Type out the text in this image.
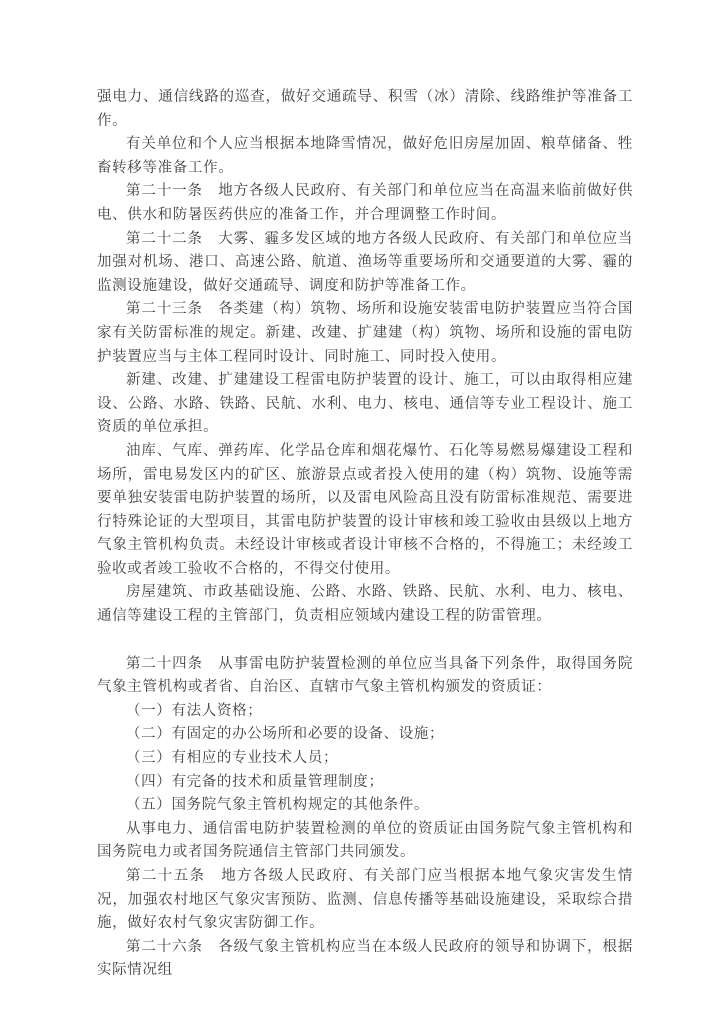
强电力、通信线路的巡查，做好交通疏导、积雪（冰）清除、线路维护等准备工作。

有关单位和个人应当根据本地降雪情况，做好危旧房屋加固、粮草储备、牲畜转移等准备工作。

第二十一条　地方各级人民政府、有关部门和单位应当在高温来临前做好供电、供水和防暑医药供应的准备工作，并合理调整工作时间。

第二十二条　大雾、霾多发区域的地方各级人民政府、有关部门和单位应当加强对机场、港口、高速公路、航道、渔场等重要场所和交通要道的大雾、霾的监测设施建设，做好交通疏导、调度和防护等准备工作。

第二十三条　各类建（构）筑物、场所和设施安装雷电防护装置应当符合国家有关防雷标准的规定。新建、改建、扩建建（构）筑物、场所和设施的雷电防护装置应当与主体工程同时设计、同时施工、同时投入使用。

新建、改建、扩建建设工程雷电防护装置的设计、施工，可以由取得相应建设、公路、水路、铁路、民航、水利、电力、核电、通信等专业工程设计、施工资质的单位承担。

油库、气库、弹药库、化学品仓库和烟花爆竹、石化等易燃易爆建设工程和场所，雷电易发区内的矿区、旅游景点或者投入使用的建（构）筑物、设施等需要单独安装雷电防护装置的场所，以及雷电风险高且没有防雷标准规范、需要进行特殊论证的大型项目，其雷电防护装置的设计审核和竣工验收由县级以上地方气象主管机构负责。未经设计审核或者设计审核不合格的，不得施工；未经竣工验收或者竣工验收不合格的，不得交付使用。

房屋建筑、市政基础设施、公路、水路、铁路、民航、水利、电力、核电、通信等建设工程的主管部门，负责相应领域内建设工程的防雷管理。

第二十四条　从事雷电防护装置检测的单位应当具备下列条件，取得国务院气象主管机构或者省、自治区、直辖市气象主管机构颁发的资质证：

（一）有法人资格；

（二）有固定的办公场所和必要的设备、设施；

（三）有相应的专业技术人员；

（四）有完备的技术和质量管理制度；

（五）国务院气象主管机构规定的其他条件。

从事电力、通信雷电防护装置检测的单位的资质证由国务院气象主管机构和国务院电力或者国务院通信主管部门共同颁发。

第二十五条　地方各级人民政府、有关部门应当根据本地气象灾害发生情况，加强农村地区气象灾害预防、监测、信息传播等基础设施建设，采取综合措施，做好农村气象灾害防御工作。

第二十六条　各级气象主管机构应当在本级人民政府的领导和协调下，根据实际情况组
